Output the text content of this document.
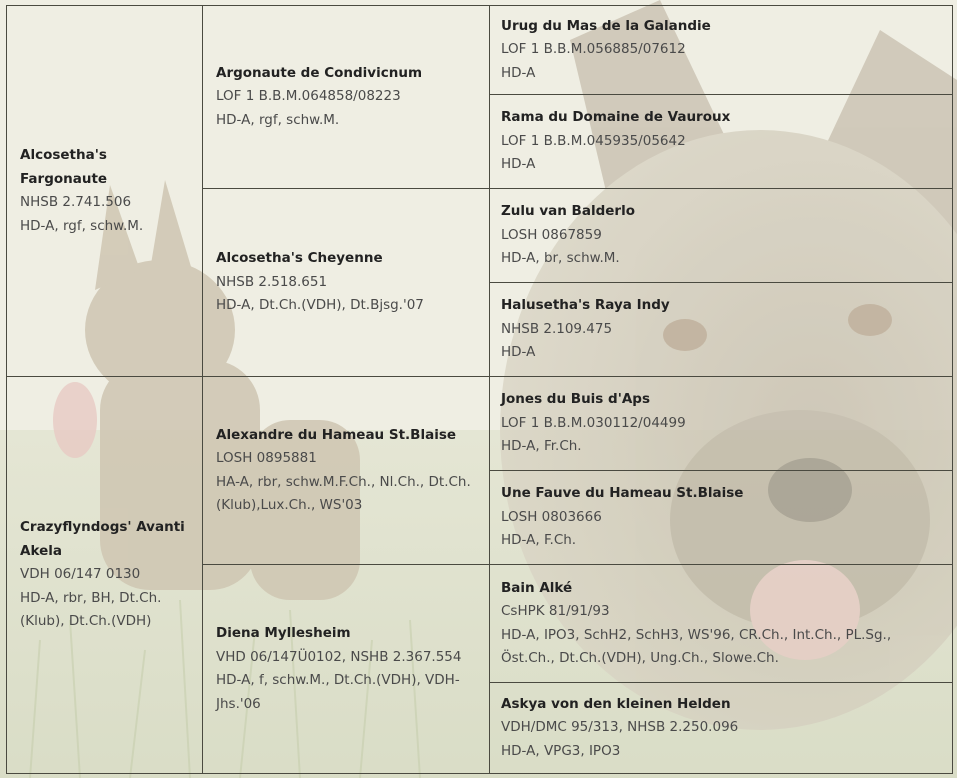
Alcosetha's Fargonaute
NHSB 2.741.506
HD-A, rgf, schw.M.
Crazyflyndogs' Avanti Akela
VDH 06/147 0130
HD-A, rbr, BH, Dt.Ch.(Klub), Dt.Ch.(VDH)
Argonaute de Condivicnum
LOF 1 B.B.M.064858/08223
HD-A, rgf, schw.M.
Alcosetha's Cheyenne
NHSB 2.518.651
HD-A, Dt.Ch.(VDH), Dt.Bjsg.'07
Alexandre du Hameau St.Blaise
LOSH 0895881
HA-A, rbr, schw.M.F.Ch., Nl.Ch., Dt.Ch.(Klub),Lux.Ch., WS'03
Diena Myllesheim
VHD 06/147Ü0102, NSHB 2.367.554
HD-A, f, schw.M., Dt.Ch.(VDH), VDH-Jhs.'06
Urug du Mas de la Galandie
LOF 1 B.B.M.056885/07612
HD-A
Rama du Domaine de Vauroux
LOF 1 B.B.M.045935/05642
HD-A
Zulu van Balderlo
LOSH 0867859
HD-A, br, schw.M.
Halusetha's Raya Indy
NHSB 2.109.475
HD-A
Jones du Buis d'Aps
LOF 1 B.B.M.030112/04499
HD-A, Fr.Ch.
Une Fauve du Hameau St.Blaise
LOSH 0803666
HD-A, F.Ch.
Bain Alké
CsHPK 81/91/93
HD-A, IPO3, SchH2, SchH3, WS'96, CR.Ch., Int.Ch., PL.Sg., Öst.Ch., Dt.Ch.(VDH), Ung.Ch., Slowe.Ch.
Askya von den kleinen Helden
VDH/DMC 95/313, NHSB 2.250.096
HD-A, VPG3, IPO3
